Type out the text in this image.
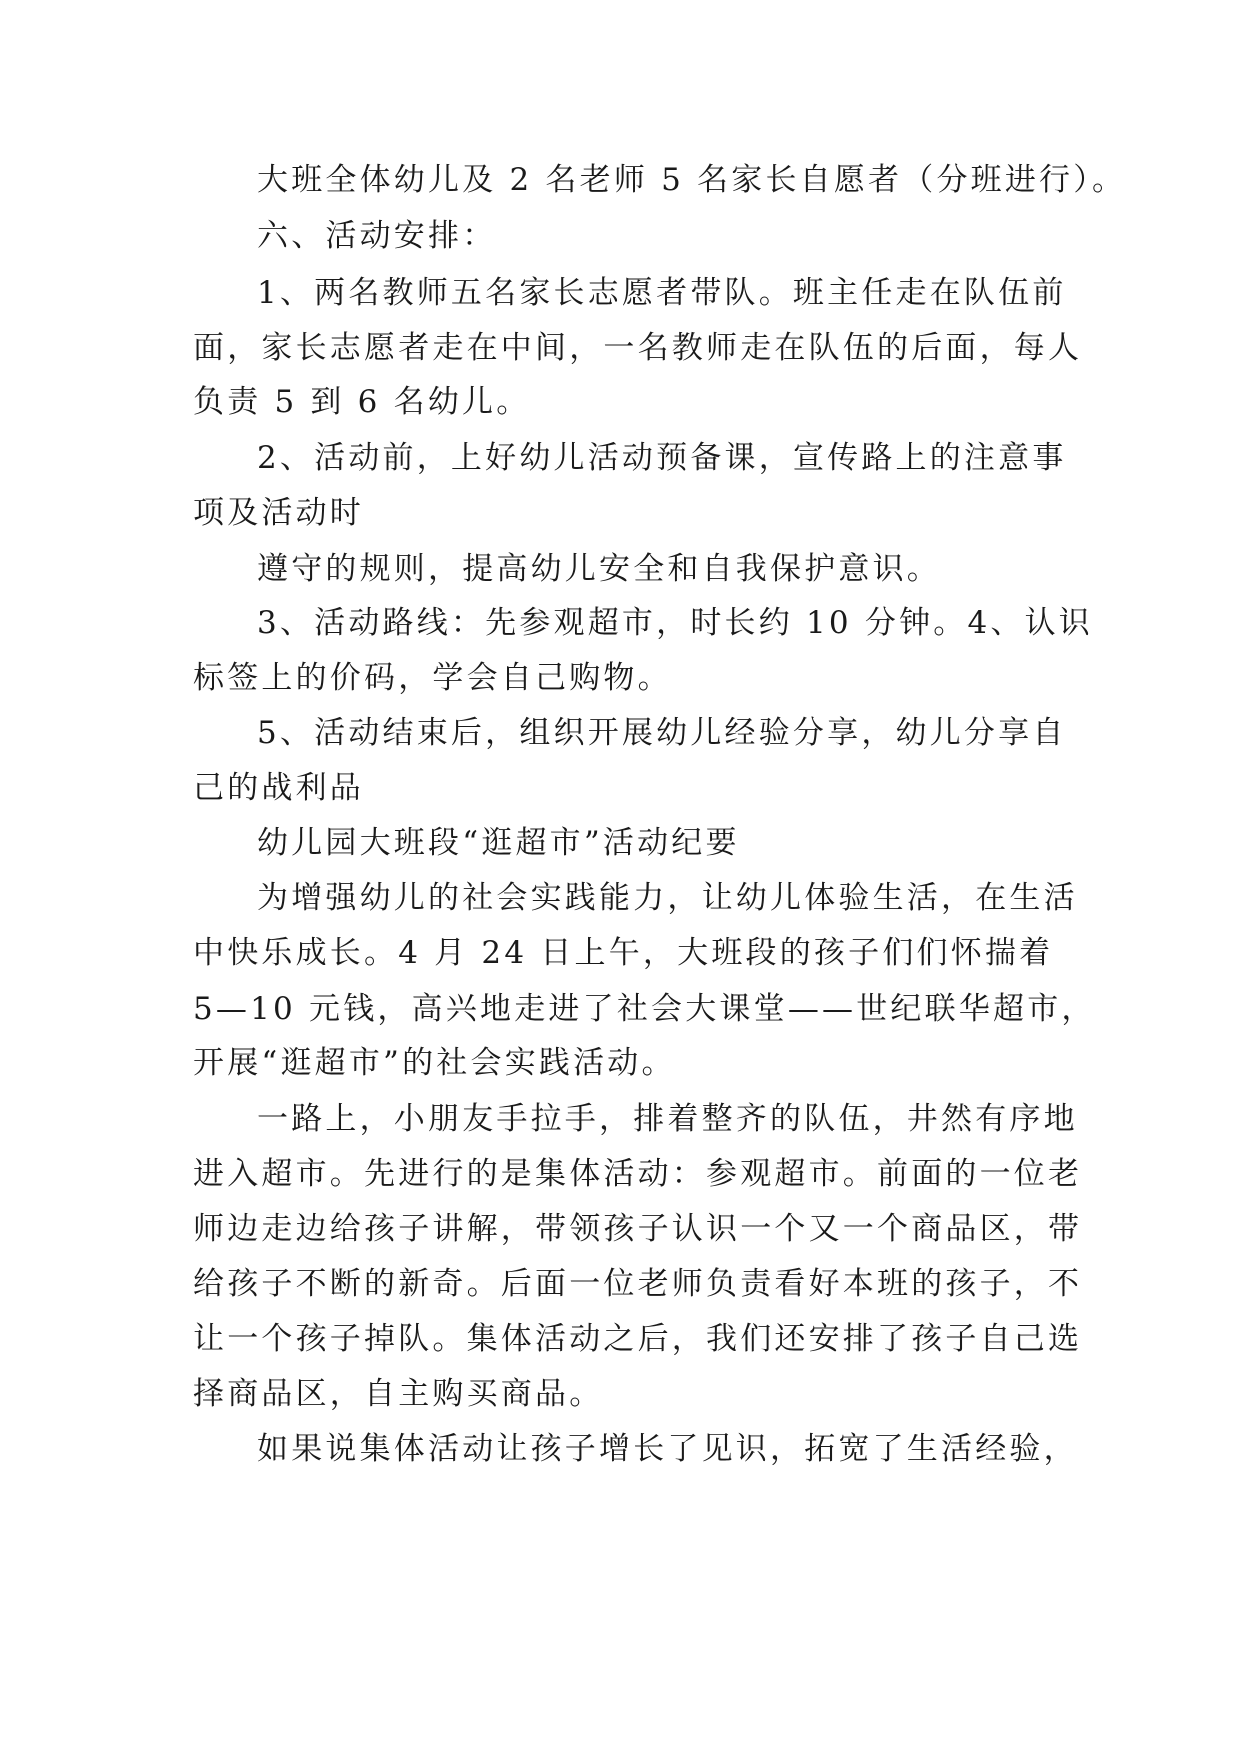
大班全体幼儿及 2 名老师 5 名家长自愿者（分班进行）。
六、活动安排：
1、两名教师五名家长志愿者带队。班主任走在队伍前
面，家长志愿者走在中间，一名教师走在队伍的后面，每人
负责 5 到 6 名幼儿。
2、活动前，上好幼儿活动预备课，宣传路上的注意事
项及活动时
遵守的规则，提高幼儿安全和自我保护意识。
3、活动路线：先参观超市，时长约 10 分钟。4、认识
标签上的价码，学会自己购物。
5、活动结束后，组织开展幼儿经验分享，幼儿分享自
己的战利品
幼儿园大班段“逛超市”活动纪要
为增强幼儿的社会实践能力，让幼儿体验生活，在生活
中快乐成长。4 月 24 日上午，大班段的孩子们们怀揣着
5—10 元钱，高兴地走进了社会大课堂——世纪联华超市，
开展“逛超市”的社会实践活动。
一路上，小朋友手拉手，排着整齐的队伍，井然有序地
进入超市。先进行的是集体活动：参观超市。前面的一位老
师边走边给孩子讲解，带领孩子认识一个又一个商品区，带
给孩子不断的新奇。后面一位老师负责看好本班的孩子，不
让一个孩子掉队。集体活动之后，我们还安排了孩子自己选
择商品区，自主购买商品。
如果说集体活动让孩子增长了见识，拓宽了生活经验，
